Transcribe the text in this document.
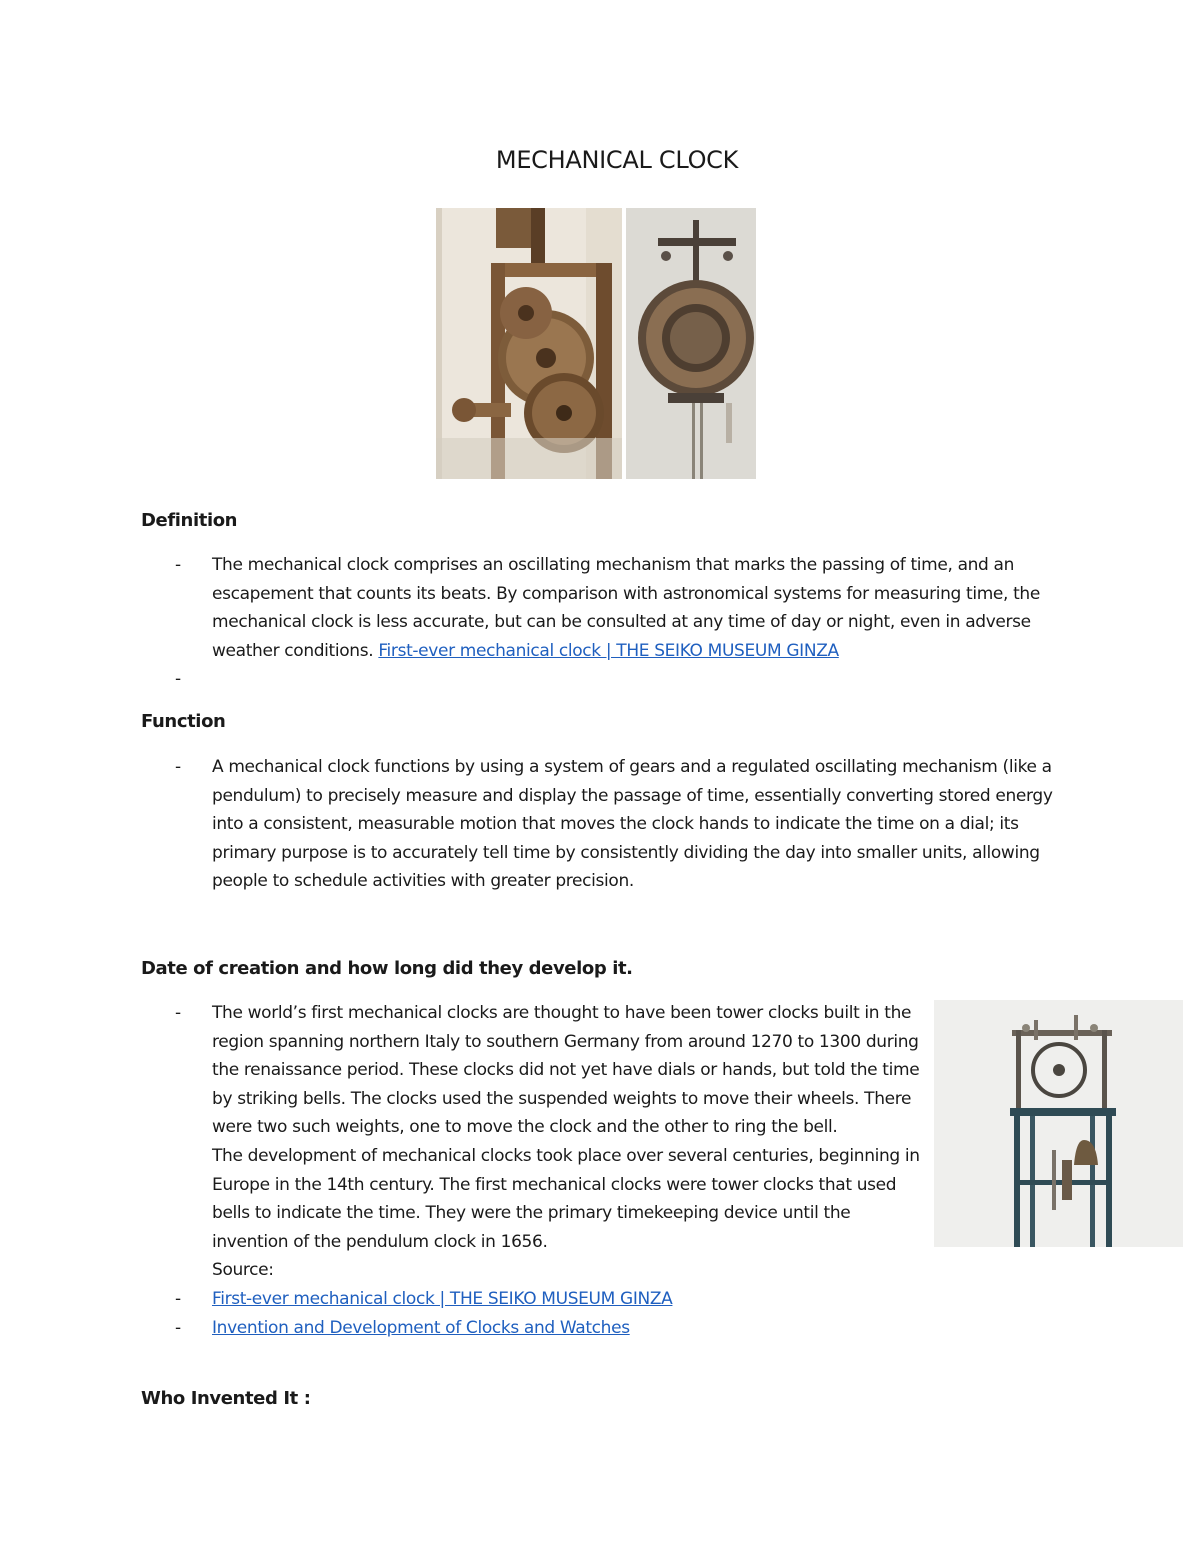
MECHANICAL CLOCK
Definition
- The mechanical clock comprises an oscillating mechanism that marks the passing of time, and an escapement that counts its beats. By comparison with astronomical systems for measuring time, the mechanical clock is less accurate, but can be consulted at any time of day or night, even in adverse weather conditions. First-ever mechanical clock | THE SEIKO MUSEUM GINZA
-
Function
- A mechanical clock functions by using a system of gears and a regulated oscillating mechanism (like a pendulum) to precisely measure and display the passage of time, essentially converting stored energy into a consistent, measurable motion that moves the clock hands to indicate the time on a dial; its primary purpose is to accurately tell time by consistently dividing the day into smaller units, allowing people to schedule activities with greater precision.
Date of creation and how long did they develop it.
- The world’s first mechanical clocks are thought to have been tower clocks built in the region spanning northern Italy to southern Germany from around 1270 to 1300 during the renaissance period. These clocks did not yet have dials or hands, but told the time by striking bells. The clocks used the suspended weights to move their wheels. There were two such weights, one to move the clock and the other to ring the bell.
The development of mechanical clocks took place over several centuries, beginning in Europe in the 14th century. The first mechanical clocks were tower clocks that used bells to indicate the time. They were the primary timekeeping device until the invention of the pendulum clock in 1656.
Source:
- First-ever mechanical clock | THE SEIKO MUSEUM GINZA
- Invention and Development of Clocks and Watches
Who Invented It :
